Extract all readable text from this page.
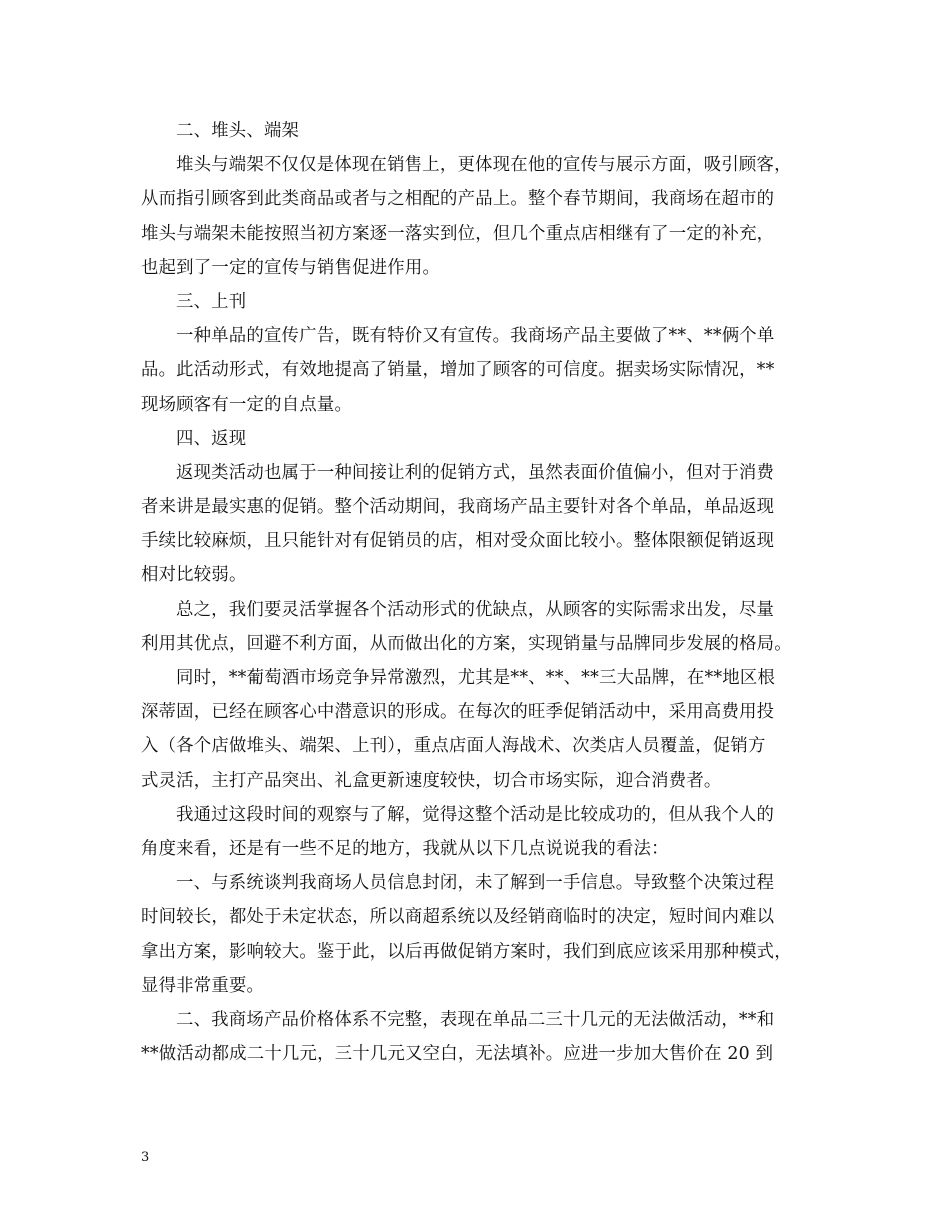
二、堆头、端架
堆头与端架不仅仅是体现在销售上，更体现在他的宣传与展示方面，吸引顾客，
从而指引顾客到此类商品或者与之相配的产品上。整个春节期间，我商场在超市的
堆头与端架未能按照当初方案逐一落实到位，但几个重点店相继有了一定的补充，
也起到了一定的宣传与销售促进作用。
三、上刊
一种单品的宣传广告，既有特价又有宣传。我商场产品主要做了**、**俩个单
品。此活动形式，有效地提高了销量，增加了顾客的可信度。据卖场实际情况，**
现场顾客有一定的自点量。
四、返现
返现类活动也属于一种间接让利的促销方式，虽然表面价值偏小，但对于消费
者来讲是最实惠的促销。整个活动期间，我商场产品主要针对各个单品，单品返现
手续比较麻烦，且只能针对有促销员的店，相对受众面比较小。整体限额促销返现
相对比较弱。
总之，我们要灵活掌握各个活动形式的优缺点，从顾客的实际需求出发，尽量
利用其优点，回避不利方面，从而做出化的方案，实现销量与品牌同步发展的格局。
同时，**葡萄酒市场竞争异常激烈，尤其是**、**、**三大品牌，在**地区根
深蒂固，已经在顾客心中潜意识的形成。在每次的旺季促销活动中，采用高费用投
入（各个店做堆头、端架、上刊），重点店面人海战术、次类店人员覆盖，促销方
式灵活，主打产品突出、礼盒更新速度较快，切合市场实际，迎合消费者。
我通过这段时间的观察与了解，觉得这整个活动是比较成功的，但从我个人的
角度来看，还是有一些不足的地方，我就从以下几点说说我的看法：
一、与系统谈判我商场人员信息封闭，未了解到一手信息。导致整个决策过程
时间较长，都处于未定状态，所以商超系统以及经销商临时的决定，短时间内难以
拿出方案，影响较大。鉴于此，以后再做促销方案时，我们到底应该采用那种模式，
显得非常重要。
二、我商场产品价格体系不完整，表现在单品二三十几元的无法做活动，**和
**做活动都成二十几元，三十几元又空白，无法填补。应进一步加大售价在 20 到
3
